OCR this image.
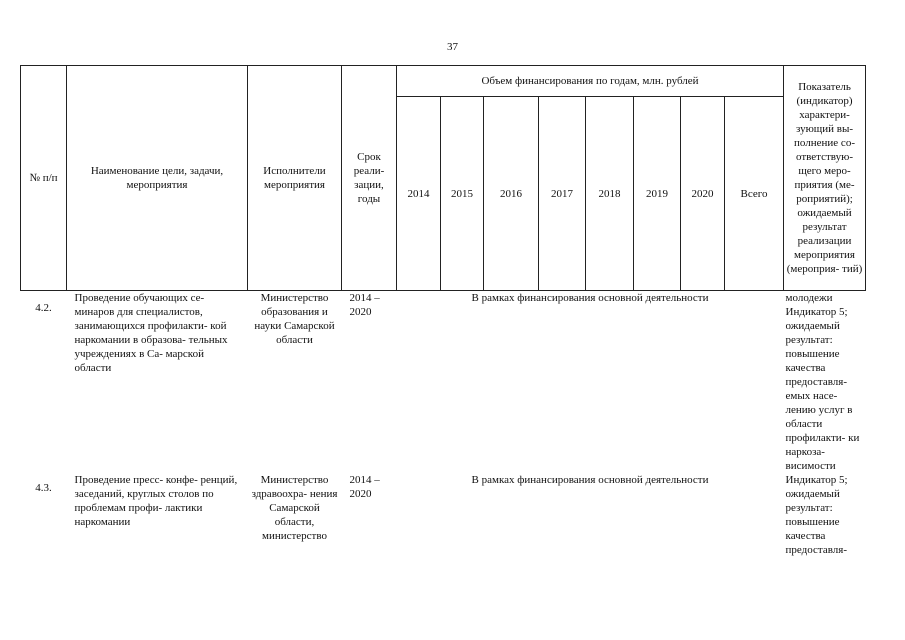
37
№ п/п	Наименование цели, задачи, мероприятия	Исполнители мероприятия	Срок реали- зации, годы	Объем финансирования по годам, млн. рублей								Показатель (индикатор) характери- зующий вы- полнение со- ответствую- щего меро- приятия (ме- роприятий); ожидаемый результат реализации мероприятия (мероприя- тий)
				2014	2015	2016	2017	2018	2019	2020	Всего	
4.2.	Проведение обучающих се- минаров для специалистов, занимающихся профилакти- кой наркомании в образова- тельных учреждениях в Са- марской области	Министерство образования и науки Самарской области	2014 – 2020	В рамках финансирования основной деятельности								молодежи Индикатор 5; ожидаемый результат: повышение качества предоставля- емых насе- лению услуг в области профилакти- ки наркоза- висимости
4.3.	Проведение пресс- конфе- ренций, заседаний, круглых столов по проблемам профи- лактики наркомании	Министерство здравоохра- нения Самарской области, министерство	2014 – 2020	В рамках финансирования основной деятельности								Индикатор 5; ожидаемый результат: повышение качества предоставля-
